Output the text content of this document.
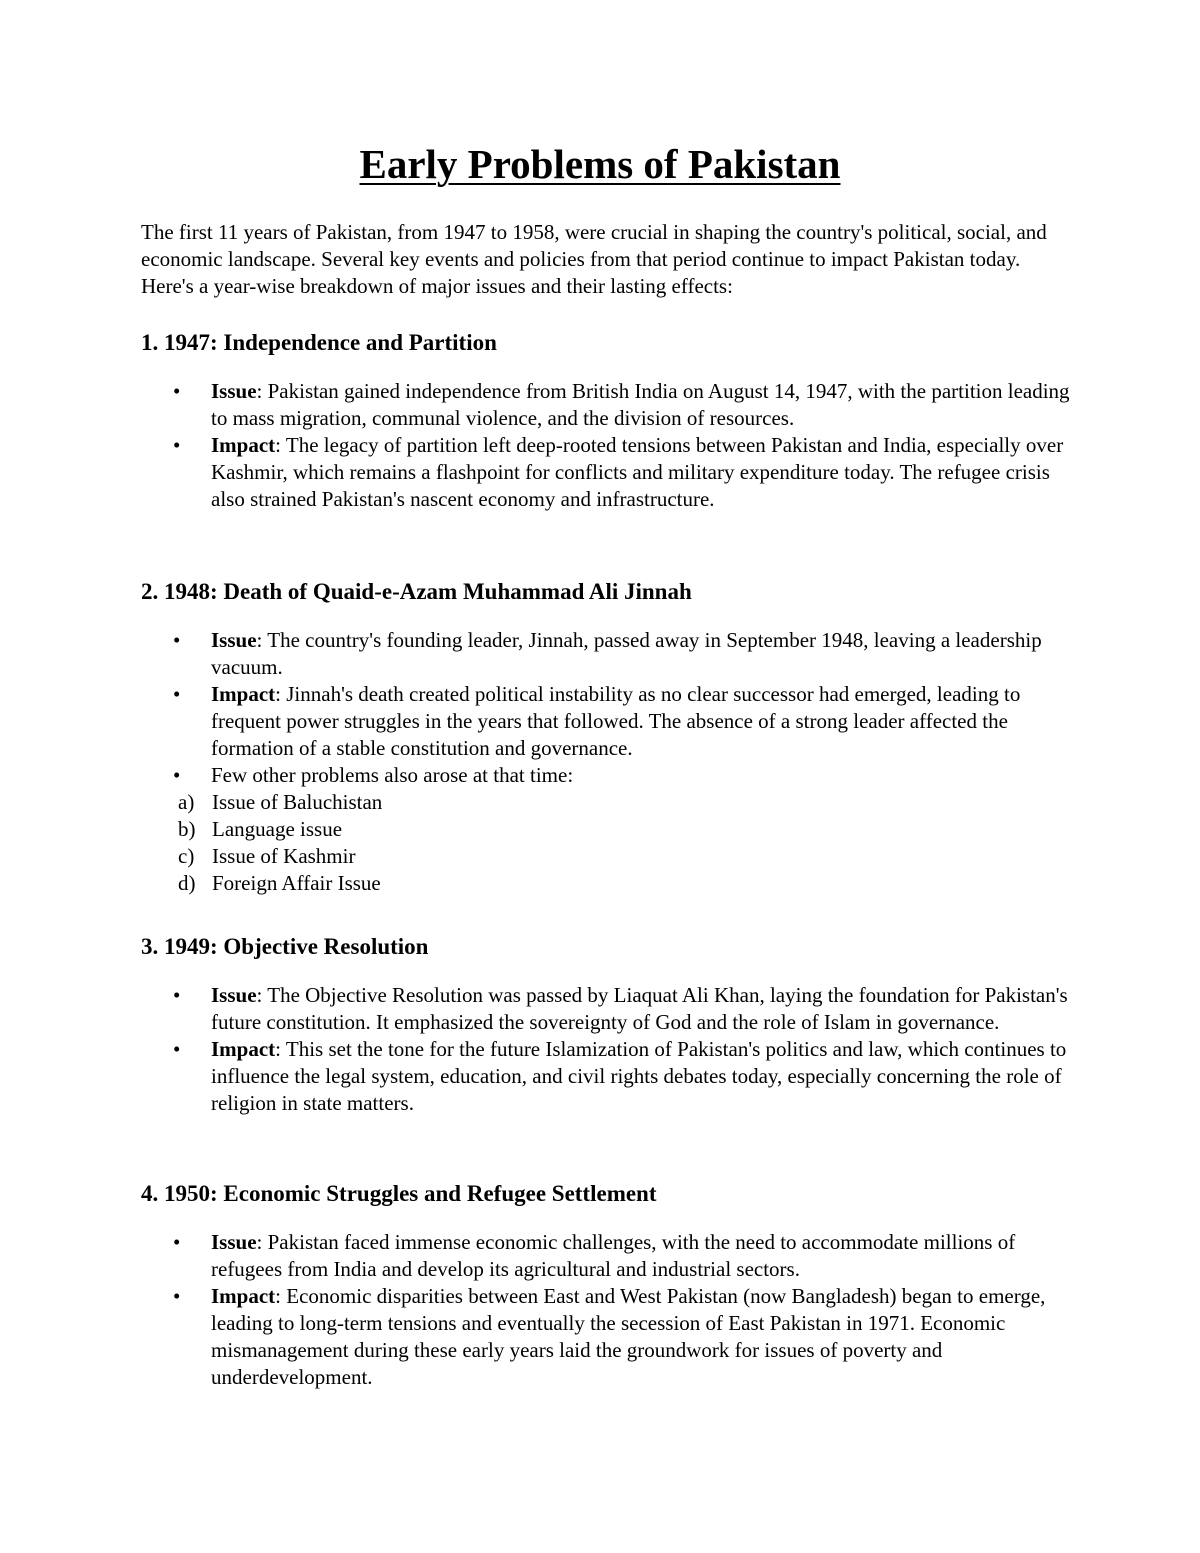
Early Problems of Pakistan

The first 11 years of Pakistan, from 1947 to 1958, were crucial in shaping the country's political, social, and economic landscape. Several key events and policies from that period continue to impact Pakistan today. Here's a year-wise breakdown of major issues and their lasting effects:

1. 1947: Independence and Partition
• Issue: Pakistan gained independence from British India on August 14, 1947, with the partition leading to mass migration, communal violence, and the division of resources.
• Impact: The legacy of partition left deep-rooted tensions between Pakistan and India, especially over Kashmir, which remains a flashpoint for conflicts and military expenditure today. The refugee crisis also strained Pakistan's nascent economy and infrastructure.
2. 1948: Death of Quaid-e-Azam Muhammad Ali Jinnah
• Issue: The country's founding leader, Jinnah, passed away in September 1948, leaving a leadership vacuum.
• Impact: Jinnah's death created political instability as no clear successor had emerged, leading to frequent power struggles in the years that followed. The absence of a strong leader affected the formation of a stable constitution and governance.
• Few other problems also arose at that time:
a) Issue of Baluchistan
b) Language issue
c) Issue of Kashmir
d) Foreign Affair Issue
3. 1949: Objective Resolution
• Issue: The Objective Resolution was passed by Liaquat Ali Khan, laying the foundation for Pakistan's future constitution. It emphasized the sovereignty of God and the role of Islam in governance.
• Impact: This set the tone for the future Islamization of Pakistan's politics and law, which continues to influence the legal system, education, and civil rights debates today, especially concerning the role of religion in state matters.
4. 1950: Economic Struggles and Refugee Settlement
• Issue: Pakistan faced immense economic challenges, with the need to accommodate millions of refugees from India and develop its agricultural and industrial sectors.
• Impact: Economic disparities between East and West Pakistan (now Bangladesh) began to emerge, leading to long-term tensions and eventually the secession of East Pakistan in 1971. Economic mismanagement during these early years laid the groundwork for issues of poverty and underdevelopment.
